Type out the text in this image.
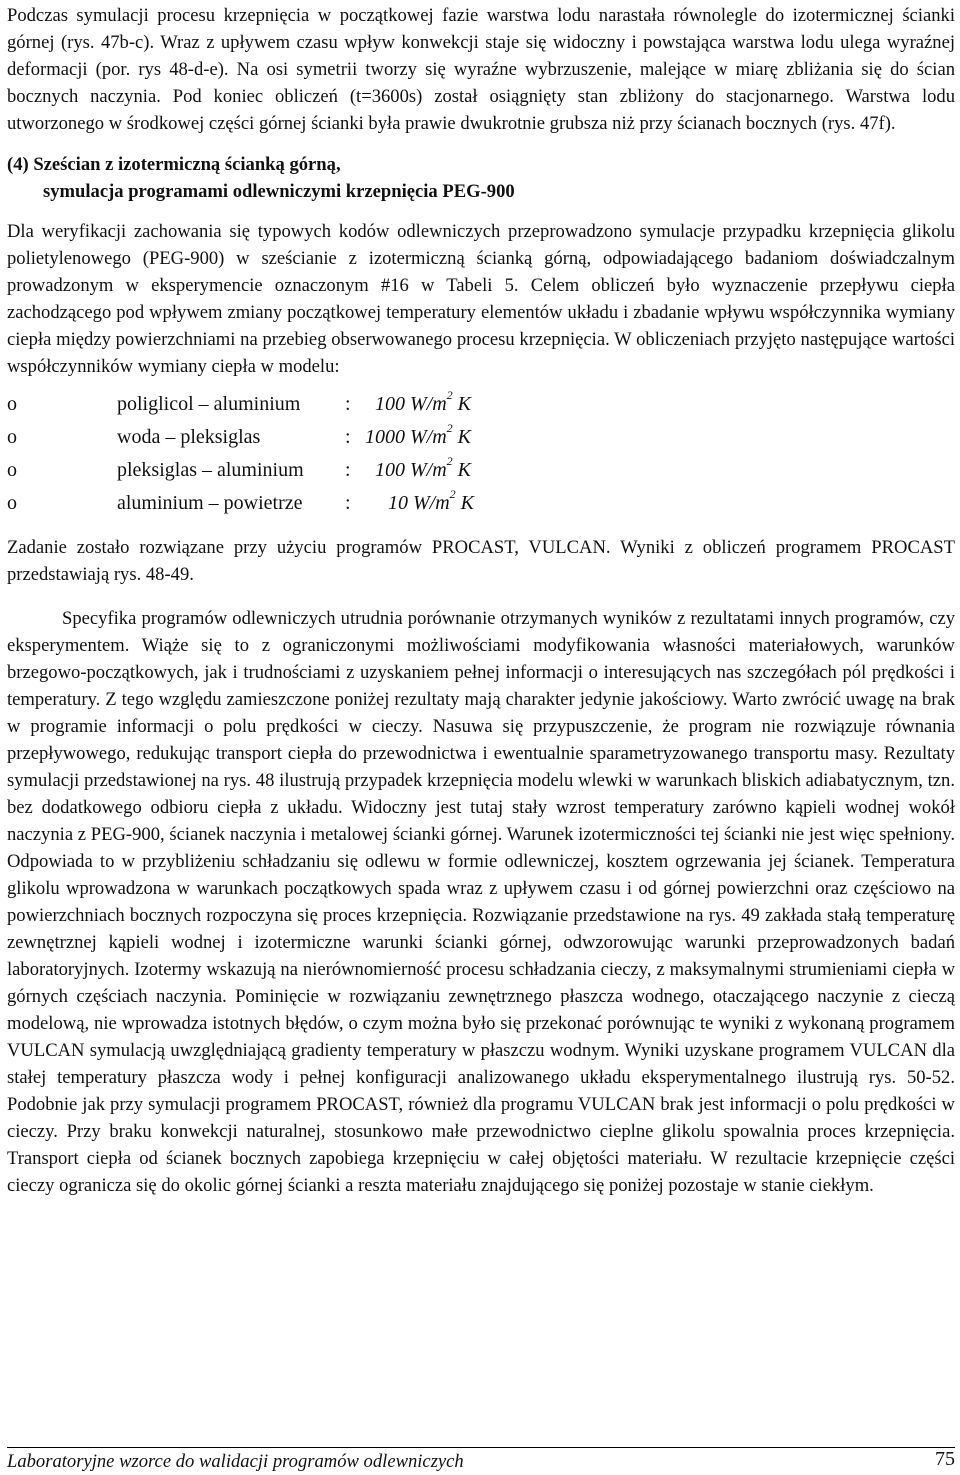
Podczas symulacji procesu krzepnięcia w początkowej fazie warstwa lodu narastała równolegle do izotermicznej ścianki górnej (rys. 47b-c). Wraz z upływem czasu wpływ konwekcji staje się widoczny i powstająca warstwa lodu ulega wyraźnej deformacji (por. rys 48-d-e). Na osi symetrii tworzy się wyraźne wybrzuszenie, malejące w miarę zbliżania się do ścian bocznych naczynia. Pod koniec obliczeń (t=3600s) został osiągnięty stan zbliżony do stacjonarnego. Warstwa lodu utworzonego w środkowej części górnej ścianki była prawie dwukrotnie grubsza niż przy ścianach bocznych (rys. 47f).

(4) Sześcian z izotermiczną ścianką górną,
symulacja programami odlewniczymi krzepnięcia PEG-900

Dla weryfikacji zachowania się typowych kodów odlewniczych przeprowadzono symulacje przypadku krzepnięcia glikolu polietylenowego (PEG-900) w sześcianie z izotermiczną ścianką górną, odpowiadającego badaniom doświadczalnym prowadzonym w eksperymencie oznaczonym #16 w Tabeli 5. Celem obliczeń było wyznaczenie przepływu ciepła zachodzącego pod wpływem zmiany początkowej temperatury elementów układu i zbadanie wpływu współczynnika wymiany ciepła między powierzchniami na przebieg obserwowanego procesu krzepnięcia. W obliczeniach przyjęto następujące wartości współczynników wymiany ciepła w modelu:

o	poliglicol – aluminium : 100 $W/m^2$ K
o	woda – pleksiglas	: 1000 $W/m^2$ K
o	pleksiglas – aluminium : 100 $W/m^2$ K
o	aluminium – powietrze : 10 $W/m^2$ K

Zadanie zostało rozwiązane przy użyciu programów PROCAST, VULCAN. Wyniki z obliczeń programem PROCAST przedstawiają rys. 48-49.

Specyfika programów odlewniczych utrudnia porównanie otrzymanych wyników z rezultatami innych programów, czy eksperymentem. Wiąże się to z ograniczonymi możliwościami modyfikowania własności materiałowych, warunków brzegowo-początkowych, jak i trudnościami z uzyskaniem pełnej informacji o interesujących nas szczegółach pól prędkości i temperatury. Z tego względu zamieszczone poniżej rezultaty mają charakter jedynie jakościowy. Warto zwrócić uwagę na brak w programie informacji o polu prędkości w cieczy. Nasuwa się przypuszczenie, że program nie rozwiązuje równania przepływowego, redukując transport ciepła do przewodnictwa i ewentualnie sparametryzowanego transportu masy. Rezultaty symulacji przedstawionej na rys. 48 ilustrują przypadek krzepnięcia modelu wlewki w warunkach bliskich adiabatycznym, tzn. bez dodatkowego odbioru ciepła z układu. Widoczny jest tutaj stały wzrost temperatury zarówno kąpieli wodnej wokół naczynia z PEG-900, ścianek naczynia i metalowej ścianki górnej. Warunek izotermiczności tej ścianki nie jest więc spełniony. Odpowiada to w przybliżeniu schładzaniu się odlewu w formie odlewniczej, kosztem ogrzewania jej ścianek. Temperatura glikolu wprowadzona w warunkach początkowych spada wraz z upływem czasu i od górnej powierzchni oraz częściowo na powierzchniach bocznych rozpoczyna się proces krzepnięcia. Rozwiązanie przedstawione na rys. 49 zakłada stałą temperaturę zewnętrznej kąpieli wodnej i izotermiczne warunki ścianki górnej, odwzorowując warunki przeprowadzonych badań laboratoryjnych. Izotermy wskazują na nierównomierność procesu schładzania cieczy, z maksymalnymi strumieniami ciepła w górnych częściach naczynia. Pominięcie w rozwiązaniu zewnętrznego płaszcza wodnego, otaczającego naczynie z cieczą modelową, nie wprowadza istotnych błędów, o czym można było się przekonać porównując te wyniki z wykonaną programem VULCAN symulacją uwzględniającą gradienty temperatury w płaszczu wodnym. Wyniki uzyskane programem VULCAN dla stałej temperatury płaszcza wody i pełnej konfiguracji analizowanego układu eksperymentalnego ilustrują rys. 50-52. Podobnie jak przy symulacji programem PROCAST, również dla programu VULCAN brak jest informacji o polu prędkości w cieczy. Przy braku konwekcji naturalnej, stosunkowo małe przewodnictwo cieplne glikolu spowalnia proces krzepnięcia. Transport ciepła od ścianek bocznych zapobiega krzepnięciu w całej objętości materiału. W rezultacie krzepnięcie części cieczy ogranicza się do okolic górnej ścianki a reszta materiału znajdującego się poniżej pozostaje w stanie ciekłym.

Laboratoryjne wzorce do walidacji programów odlewniczych	75
